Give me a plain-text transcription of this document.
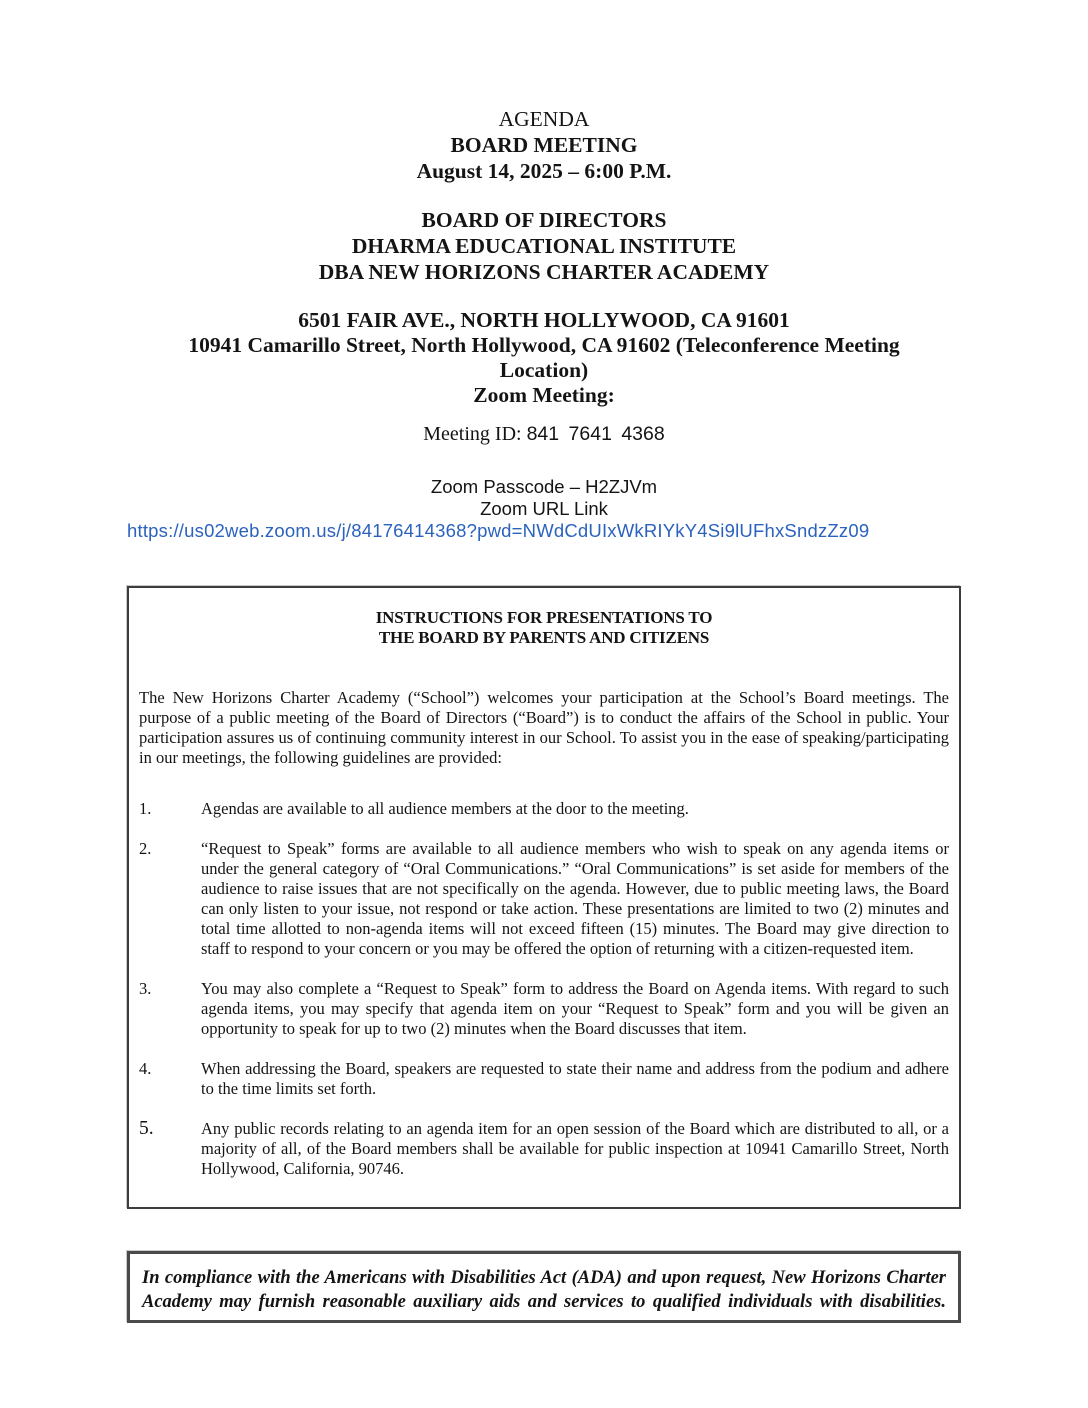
AGENDA
BOARD MEETING
August 14, 2025 – 6:00 P.M.
BOARD OF DIRECTORS
DHARMA EDUCATIONAL INSTITUTE
DBA NEW HORIZONS CHARTER ACADEMY
6501 FAIR AVE., NORTH HOLLYWOOD, CA 91601
10941 Camarillo Street, North Hollywood, CA 91602 (Teleconference Meeting
Location)
Zoom Meeting:
Meeting ID: 841 7641 4368
Zoom Passcode – H2ZJVm
Zoom URL Link
https://us02web.zoom.us/j/84176414368?pwd=NWdCdUIxWkRIYkY4Si9lUFhxSndzZz09
INSTRUCTIONS FOR PRESENTATIONS TO
THE BOARD BY PARENTS AND CITIZENS
The New Horizons Charter Academy (“School”) welcomes your participation at the School’s Board meetings. The purpose of a public meeting of the Board of Directors (“Board”) is to conduct the affairs of the School in public. Your participation assures us of continuing community interest in our School. To assist you in the ease of speaking/participating in our meetings, the following guidelines are provided:
1.	Agendas are available to all audience members at the door to the meeting.
2.	“Request to Speak” forms are available to all audience members who wish to speak on any agenda items or under the general category of “Oral Communications.” “Oral Communications” is set aside for members of the audience to raise issues that are not specifically on the agenda. However, due to public meeting laws, the Board can only listen to your issue, not respond or take action. These presentations are limited to two (2) minutes and total time allotted to non-agenda items will not exceed fifteen (15) minutes. The Board may give direction to staff to respond to your concern or you may be offered the option of returning with a citizen-requested item.
3.	You may also complete a “Request to Speak” form to address the Board on Agenda items. With regard to such agenda items, you may specify that agenda item on your “Request to Speak” form and you will be given an opportunity to speak for up to two (2) minutes when the Board discusses that item.
4.	When addressing the Board, speakers are requested to state their name and address from the podium and adhere to the time limits set forth.
5.	Any public records relating to an agenda item for an open session of the Board which are distributed to all, or a majority of all, of the Board members shall be available for public inspection at 10941 Camarillo Street, North Hollywood, California, 90746.
In compliance with the Americans with Disabilities Act (ADA) and upon request, New Horizons Charter Academy may furnish reasonable auxiliary aids and services to qualified individuals with disabilities.
